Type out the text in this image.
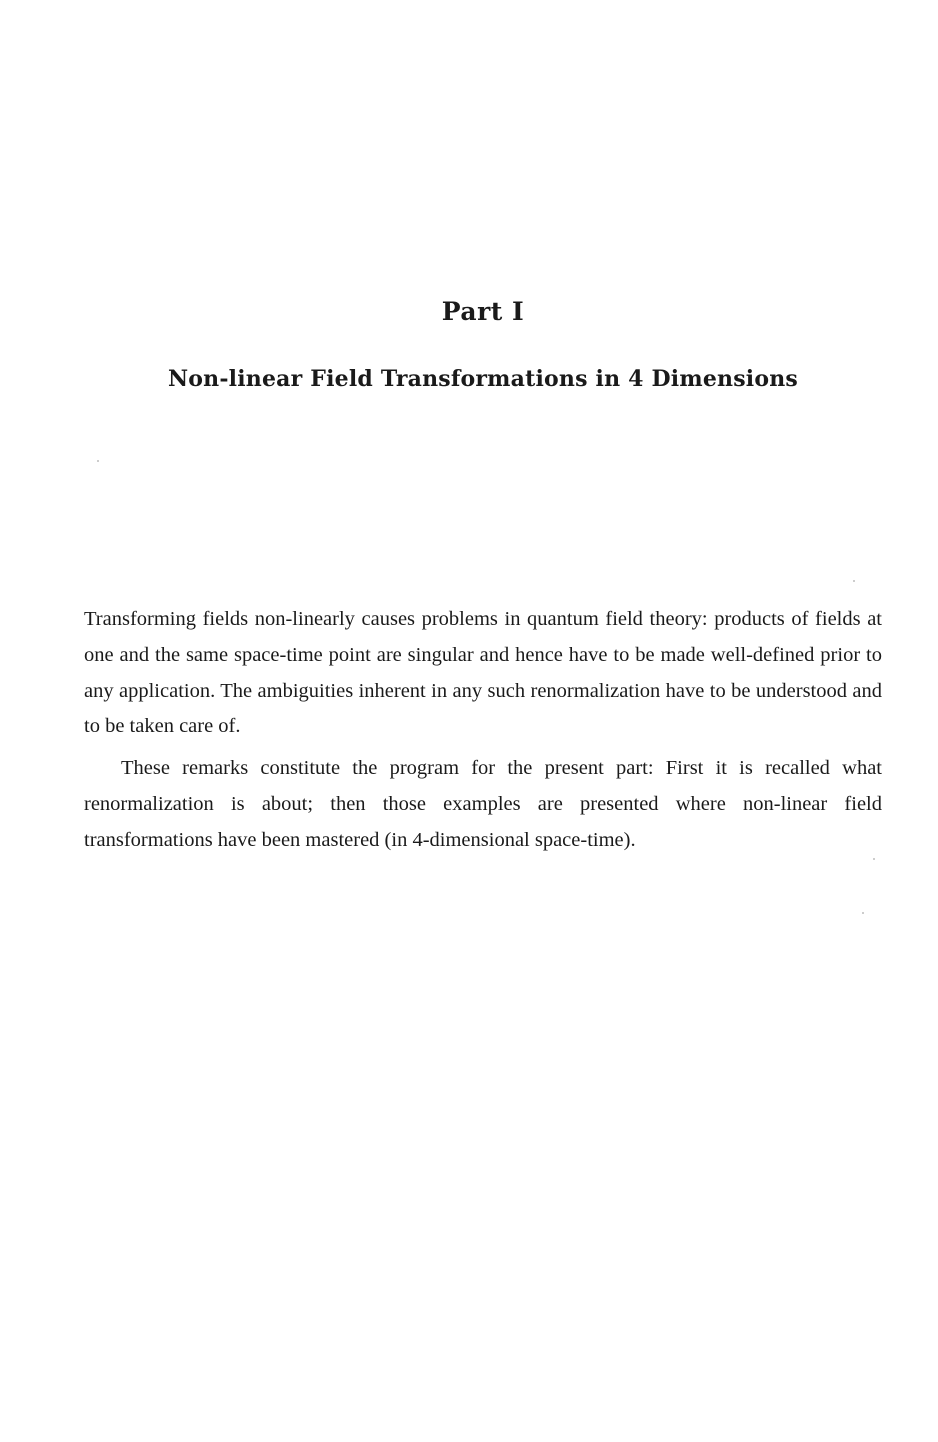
Part I
Non-linear Field Transformations in 4 Dimensions

Transforming fields non-linearly causes problems in quantum field theory: products of fields at one and the same space-time point are singular and hence have to be made well-defined prior to any application. The ambiguities inherent in any such renormalization have to be understood and to be taken care of.

These remarks constitute the program for the present part: First it is recalled what renormalization is about; then those examples are presented where non-linear field transformations have been mastered (in 4-dimensional space-time).
